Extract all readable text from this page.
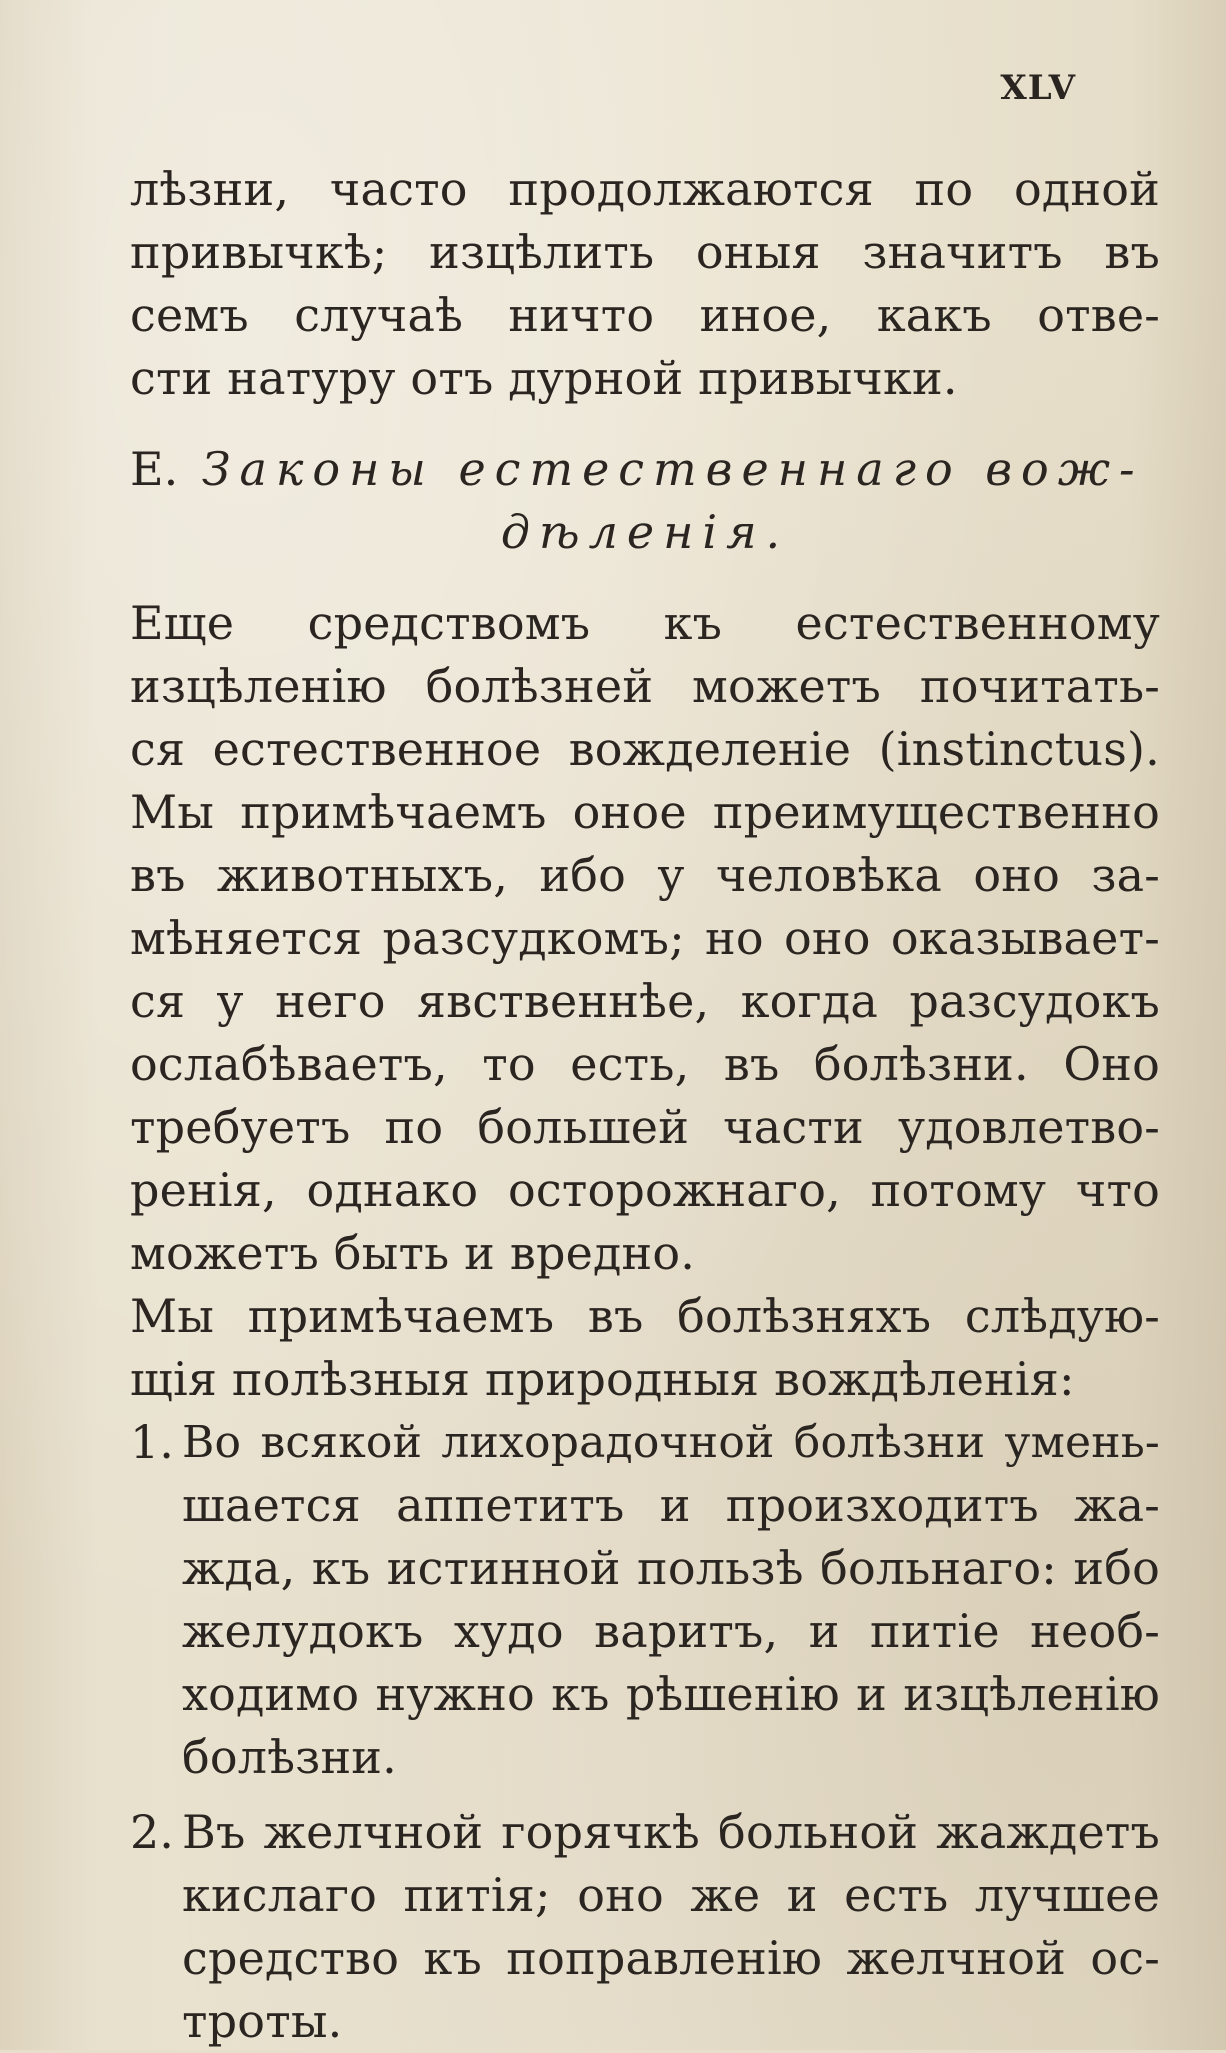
XLV
лѣзни, часто продолжаются по одной
привычкѣ; изцѣлить оныя значитъ въ
семъ случаѣ ничто иное, какъ отве-
сти натуру отъ дурной привычки.
E. Законы естественнаго вож-
дѣленія.
Еще средствомъ къ естественному
изцѣленію болѣзней можетъ почитать-
ся естественное вожделеніе (instinctus).
Мы примѣчаемъ оное преимущественно
въ животныхъ, ибо у человѣка оно за-
мѣняется разсудкомъ; но оно оказывает-
ся у него явственнѣе, когда разсудокъ
ослабѣваетъ, то есть, въ болѣзни. Оно
требуетъ по большей части удовлетво-
ренія, однако осторожнаго, потому что
можетъ быть и вредно.
Мы примѣчаемъ въ болѣзняхъ слѣдую-
щія полѣзныя природныя вождѣленія:
1. Во всякой лихорадочной болѣзни умень-
шается аппетитъ и произходитъ жа-
жда, къ истинной пользѣ больнаго: ибо
желудокъ худо варитъ, и питіе необ-
ходимо нужно къ рѣшенію и изцѣленію
болѣзни.
2. Въ желчной горячкѣ больной жаждетъ
кислаго питія; оно же и есть лучшее
средство къ поправленію желчной ос-
троты.
